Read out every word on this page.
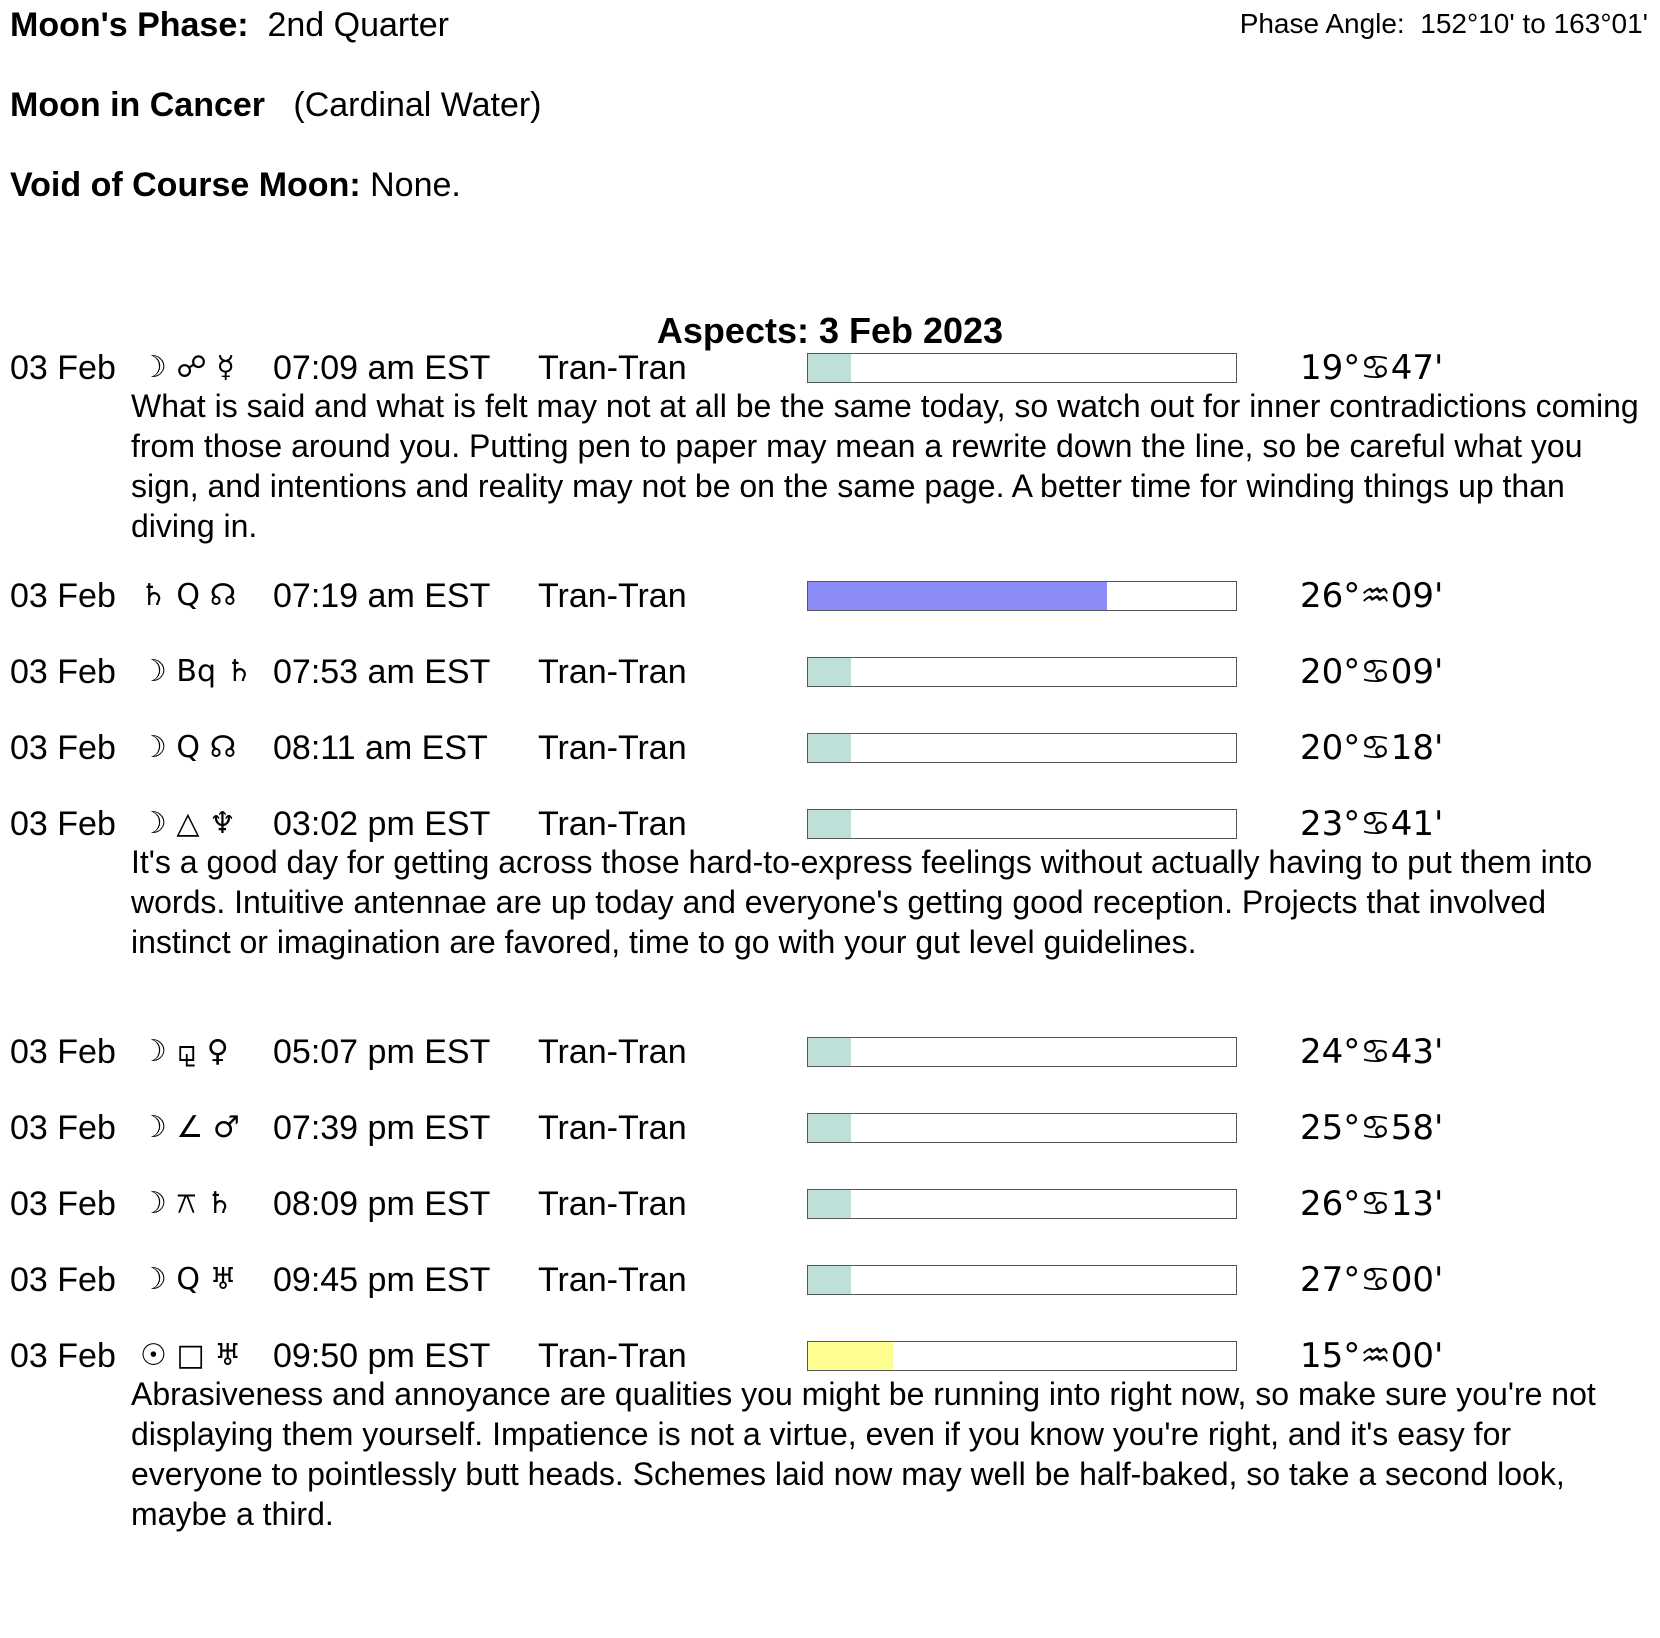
Moon's Phase: 2nd Quarter	Phase Angle: 152°10' to 163°01'
Moon in Cancer (Cardinal Water)
Void of Course Moon: None.
Aspects: 3 Feb 2023
03 Feb ☽ ☍ ☿	07:09 am EST Tran-Tran	19°♋47'
What is said and what is felt may not at all be the same today, so watch out for inner contradictions coming from those around you. Putting pen to paper may mean a rewrite down the line, so be careful what you sign, and intentions and reality may not be on the same page. A better time for winding things up than diving in.
03 Feb ♄ Q ☊	07:19 am EST Tran-Tran	26°♒09'
03 Feb ☽ Bq ♄ 07:53 am EST Tran-Tran	20°♋09'
03 Feb ☽ Q ☊	08:11 am EST Tran-Tran	20°♋18'
03 Feb ☽ △ ♆	03:02 pm EST Tran-Tran	23°♋41'
It's a good day for getting across those hard-to-express feelings without actually having to put them into words. Intuitive antennae are up today and everyone's getting good reception. Projects that involved instinct or imagination are favored, time to go with your gut level guidelines.
03 Feb ☽ ⚼ ♀	05:07 pm EST Tran-Tran	24°♋43'
03 Feb ☽ ∠ ♂ 07:39 pm EST Tran-Tran	25°♋58'
03 Feb ☽ ⚻ ♄	08:09 pm EST Tran-Tran	26°♋13'
03 Feb ☽ Q ♅	09:45 pm EST Tran-Tran	27°♋00'
03 Feb ☉ □ ♅ 09:50 pm EST Tran-Tran	15°♒00'
Abrasiveness and annoyance are qualities you might be running into right now, so make sure you're not displaying them yourself. Impatience is not a virtue, even if you know you're right, and it's easy for everyone to pointlessly butt heads. Schemes laid now may well be half-baked, so take a second look, maybe a third.
